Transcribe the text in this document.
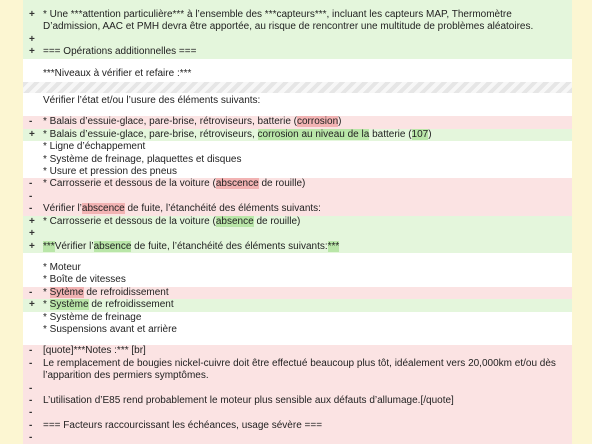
+ * Une ***attention particulière*** à l’ensemble des ***capteurs***, incluant les capteurs MAP, Thermomètre D’admission, AAC et PMH devra être apportée, au risque de rencontrer une multitude de problèmes aléatoires.
+

+ === Opérations additionnelles ===
***Niveaux à vérifier et refaire :***
Vérifier l’état et/ou l’usure des éléments suivants:
-	* Balais d’essuie-glace, pare-brise, rétroviseurs, batterie (corrosion)
+ * Balais d’essuie-glace, pare-brise, rétroviseurs, corrosion au niveau de la batterie (107)
* Ligne d’échappement
* Système de freinage, plaquettes et disques
* Usure et pression des pneus
-	* Carrosserie et dessous de la voiture (abscence de rouille)
-

-	Vérifier l’abscence de fuite, l’étanchéité des éléments suivants:
+ * Carrosserie et dessous de la voiture (absence de rouille)
+

+ ***Vérifier l’absence de fuite, l’étanchéité des éléments suivants:***
* Moteur
* Boîte de vitesses
-	* Sytème de refroidissement
+ * Système de refroidissement
* Système de freinage
* Suspensions avant et arrière
-	[quote]***Notes :*** [br]
-	Le remplacement de bougies nickel-cuivre doit être effectué beaucoup plus tôt, idéalement vers 20,000km et/ou dès l’apparition des permiers symptômes.
-

-	L’utilisation d’E85 rend probablement le moteur plus sensible aux défauts d’allumage.[/quote]
-

-	=== Facteurs raccourcissant les échéances, usage sévère ===
-
